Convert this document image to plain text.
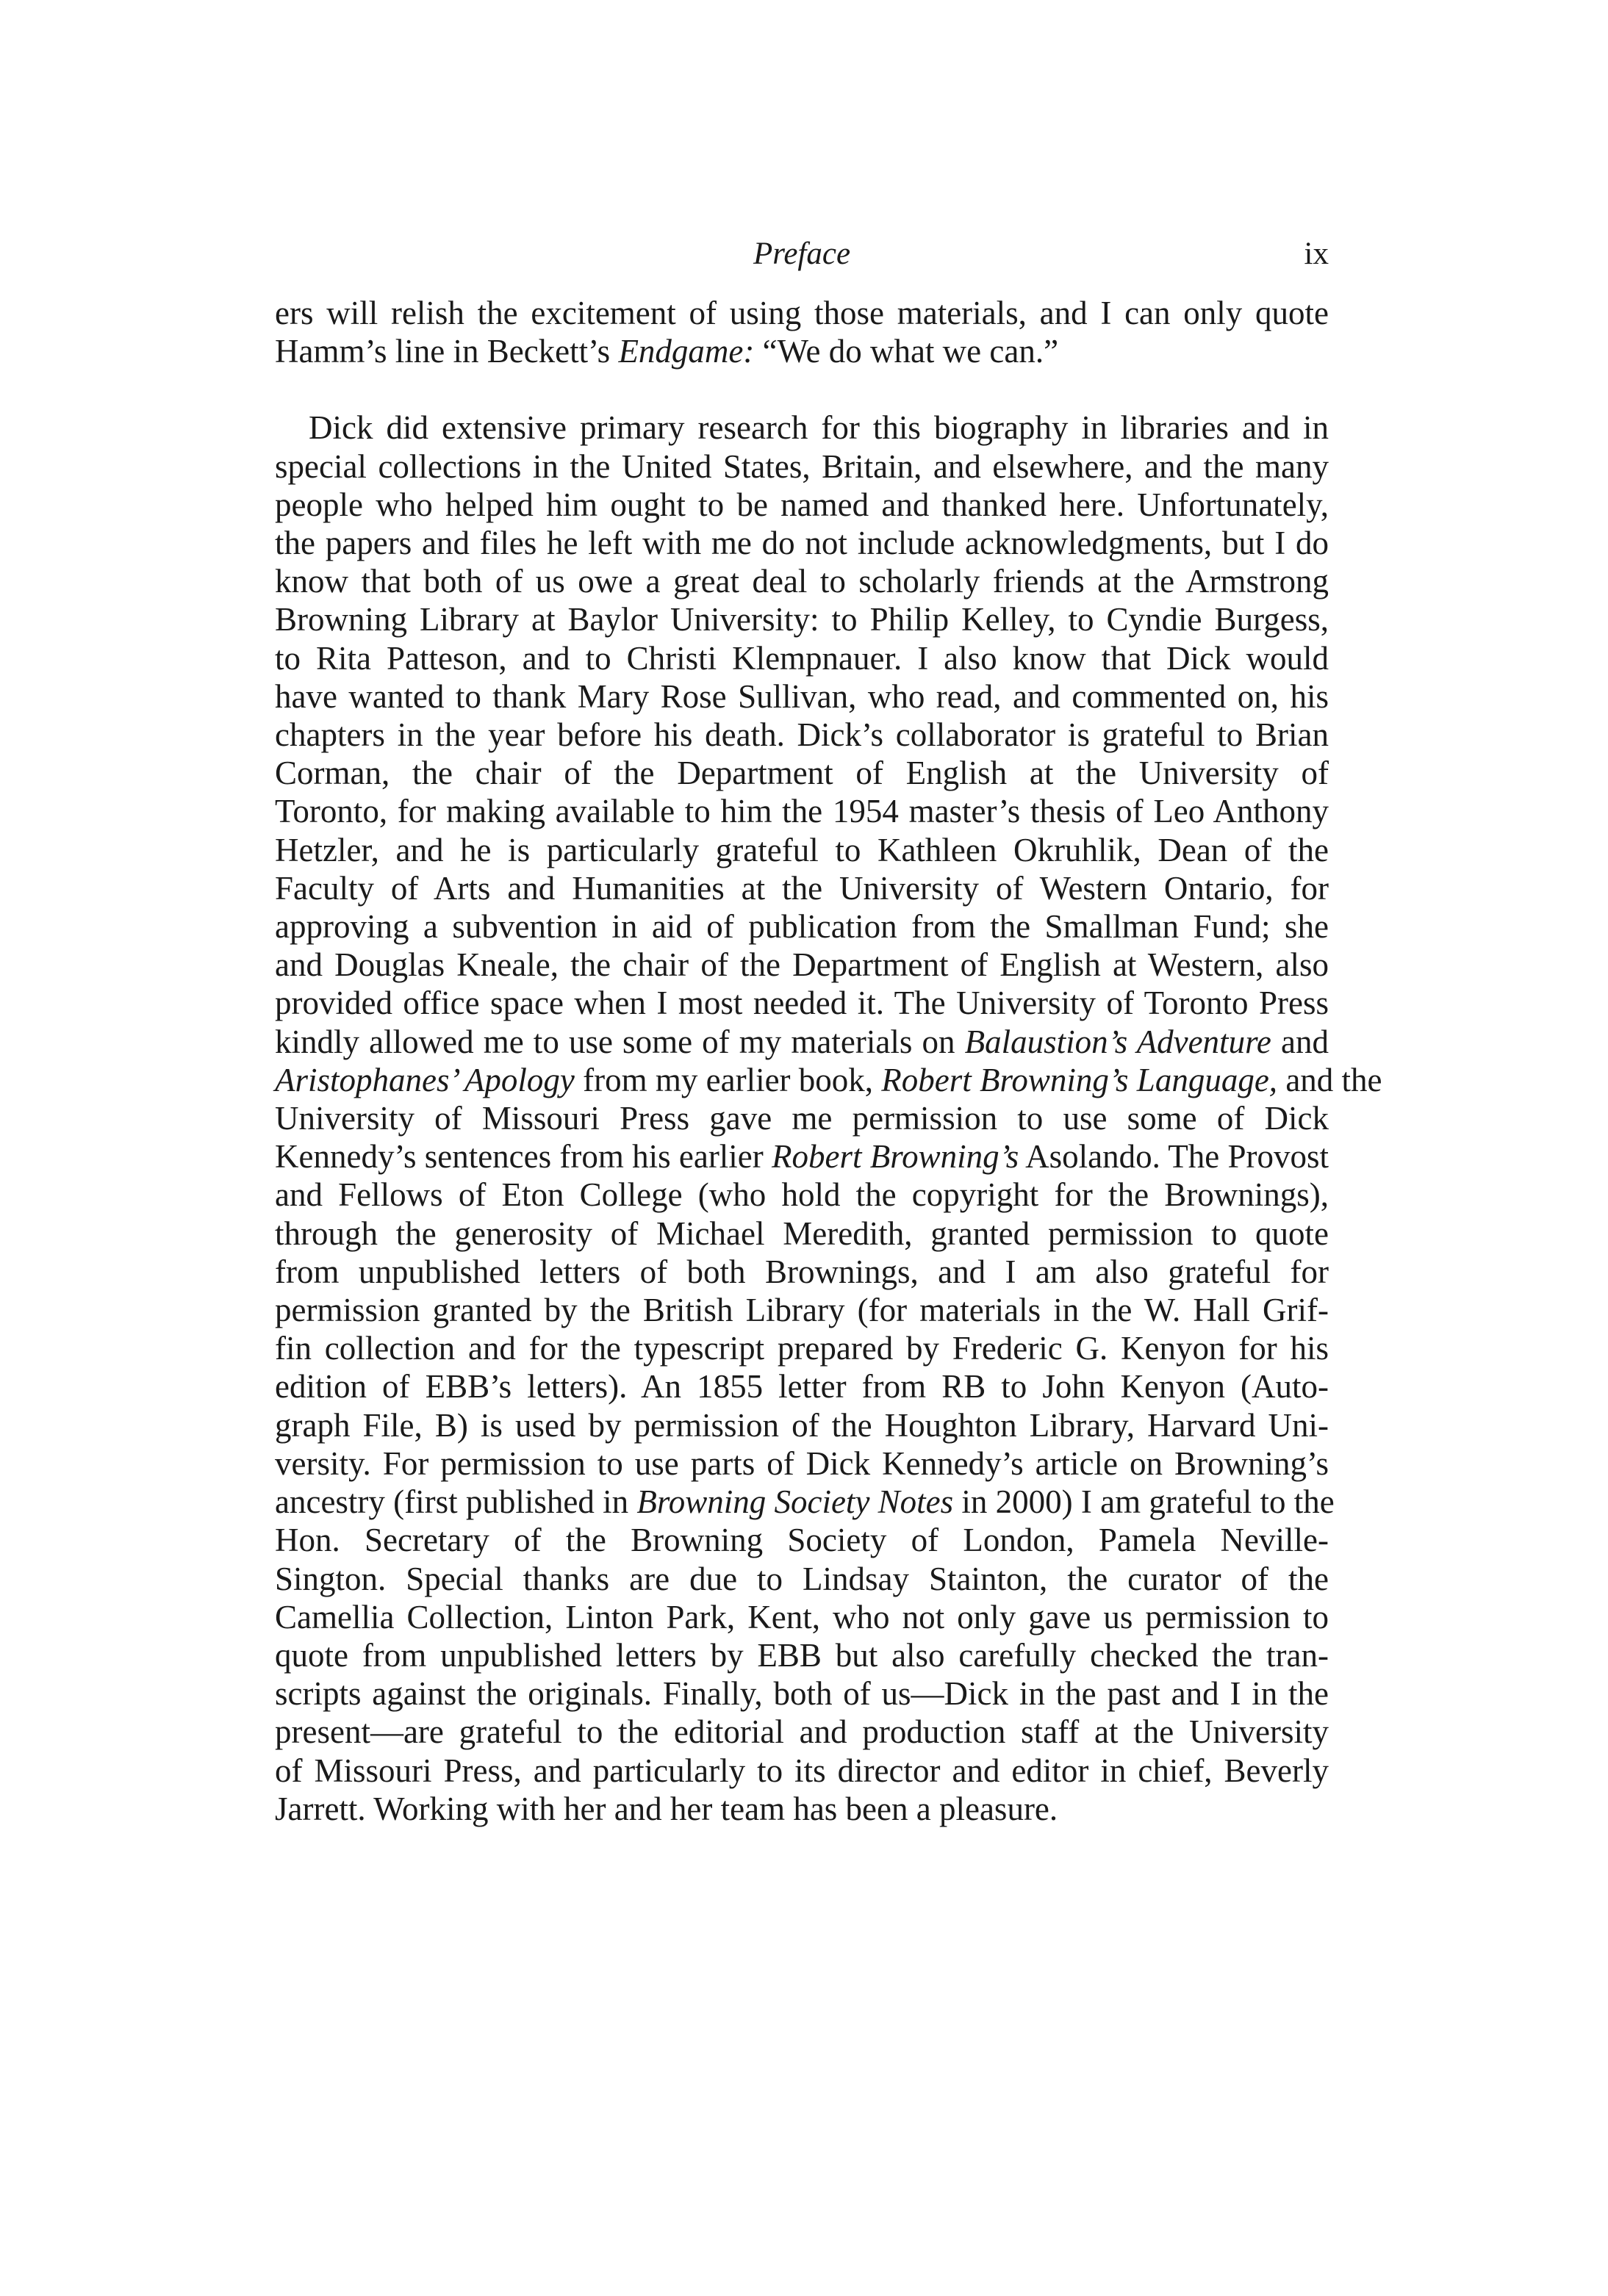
Preface	ix
ers will relish the excitement of using those materials, and I can only quote
Hamm’s line in Beckett’s Endgame: “We do what we can.”
Dick did extensive primary research for this biography in libraries and in
special collections in the United States, Britain, and elsewhere, and the many
people who helped him ought to be named and thanked here. Unfortunately,
the papers and files he left with me do not include acknowledgments, but I do
know that both of us owe a great deal to scholarly friends at the Armstrong
Browning Library at Baylor University: to Philip Kelley, to Cyndie Burgess,
to Rita Patteson, and to Christi Klempnauer. I also know that Dick would
have wanted to thank Mary Rose Sullivan, who read, and commented on, his
chapters in the year before his death. Dick’s collaborator is grateful to Brian
Corman, the chair of the Department of English at the University of
Toronto, for making available to him the 1954 master’s thesis of Leo Anthony
Hetzler, and he is particularly grateful to Kathleen Okruhlik, Dean of the
Faculty of Arts and Humanities at the University of Western Ontario, for
approving a subvention in aid of publication from the Smallman Fund; she
and Douglas Kneale, the chair of the Department of English at Western, also
provided office space when I most needed it. The University of Toronto Press
kindly allowed me to use some of my materials on Balaustion’s Adventure and
Aristophanes’ Apology from my earlier book, Robert Browning’s Language, and the
University of Missouri Press gave me permission to use some of Dick
Kennedy’s sentences from his earlier Robert Browning’s Asolando. The Provost
and Fellows of Eton College (who hold the copyright for the Brownings),
through the generosity of Michael Meredith, granted permission to quote
from unpublished letters of both Brownings, and I am also grateful for
permission granted by the British Library (for materials in the W. Hall Grif-
fin collection and for the typescript prepared by Frederic G. Kenyon for his
edition of EBB’s letters). An 1855 letter from RB to John Kenyon (Auto-
graph File, B) is used by permission of the Houghton Library, Harvard Uni-
versity. For permission to use parts of Dick Kennedy’s article on Browning’s
ancestry (first published in Browning Society Notes in 2000) I am grateful to the
Hon. Secretary of the Browning Society of London, Pamela Neville-
Sington. Special thanks are due to Lindsay Stainton, the curator of the
Camellia Collection, Linton Park, Kent, who not only gave us permission to
quote from unpublished letters by EBB but also carefully checked the tran-
scripts against the originals. Finally, both of us—Dick in the past and I in the
present—are grateful to the editorial and production staff at the University
of Missouri Press, and particularly to its director and editor in chief, Beverly
Jarrett. Working with her and her team has been a pleasure.
